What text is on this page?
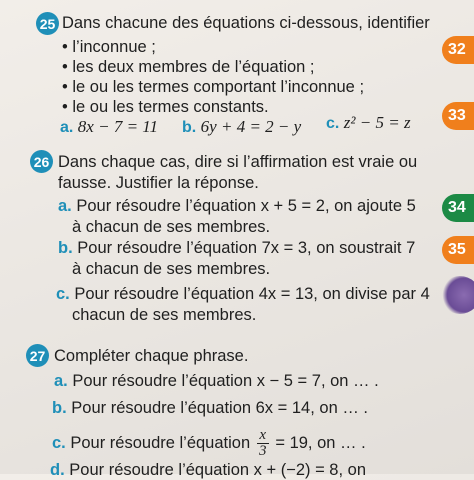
25 Dans chacune des équations ci-dessous, identifier
• l’inconnue ;
• les deux membres de l’équation ;
• le ou les termes comportant l’inconnue ;
• le ou les termes constants.
a. 8x − 7 = 11 b. 6y + 4 = 2 − y c. z² − 5 = z
26 Dans chaque cas, dire si l’affirmation est vraie ou
fausse. Justifier la réponse.
a. Pour résoudre l’équation x + 5 = 2, on ajoute 5
à chacun de ses membres.
b. Pour résoudre l’équation 7x = 3, on soustrait 7
à chacun de ses membres.
c. Pour résoudre l’équation 4x = 13, on divise par 4
chacun de ses membres.
27 Compléter chaque phrase.
a. Pour résoudre l’équation x − 5 = 7, on … .
b. Pour résoudre l’équation 6x = 14, on … .
c. Pour résoudre l’équation $\frac{x}{3} = 19$, on … .
d. Pour résoudre l’équation x + (−2) = 8, on
32
33
34
35
